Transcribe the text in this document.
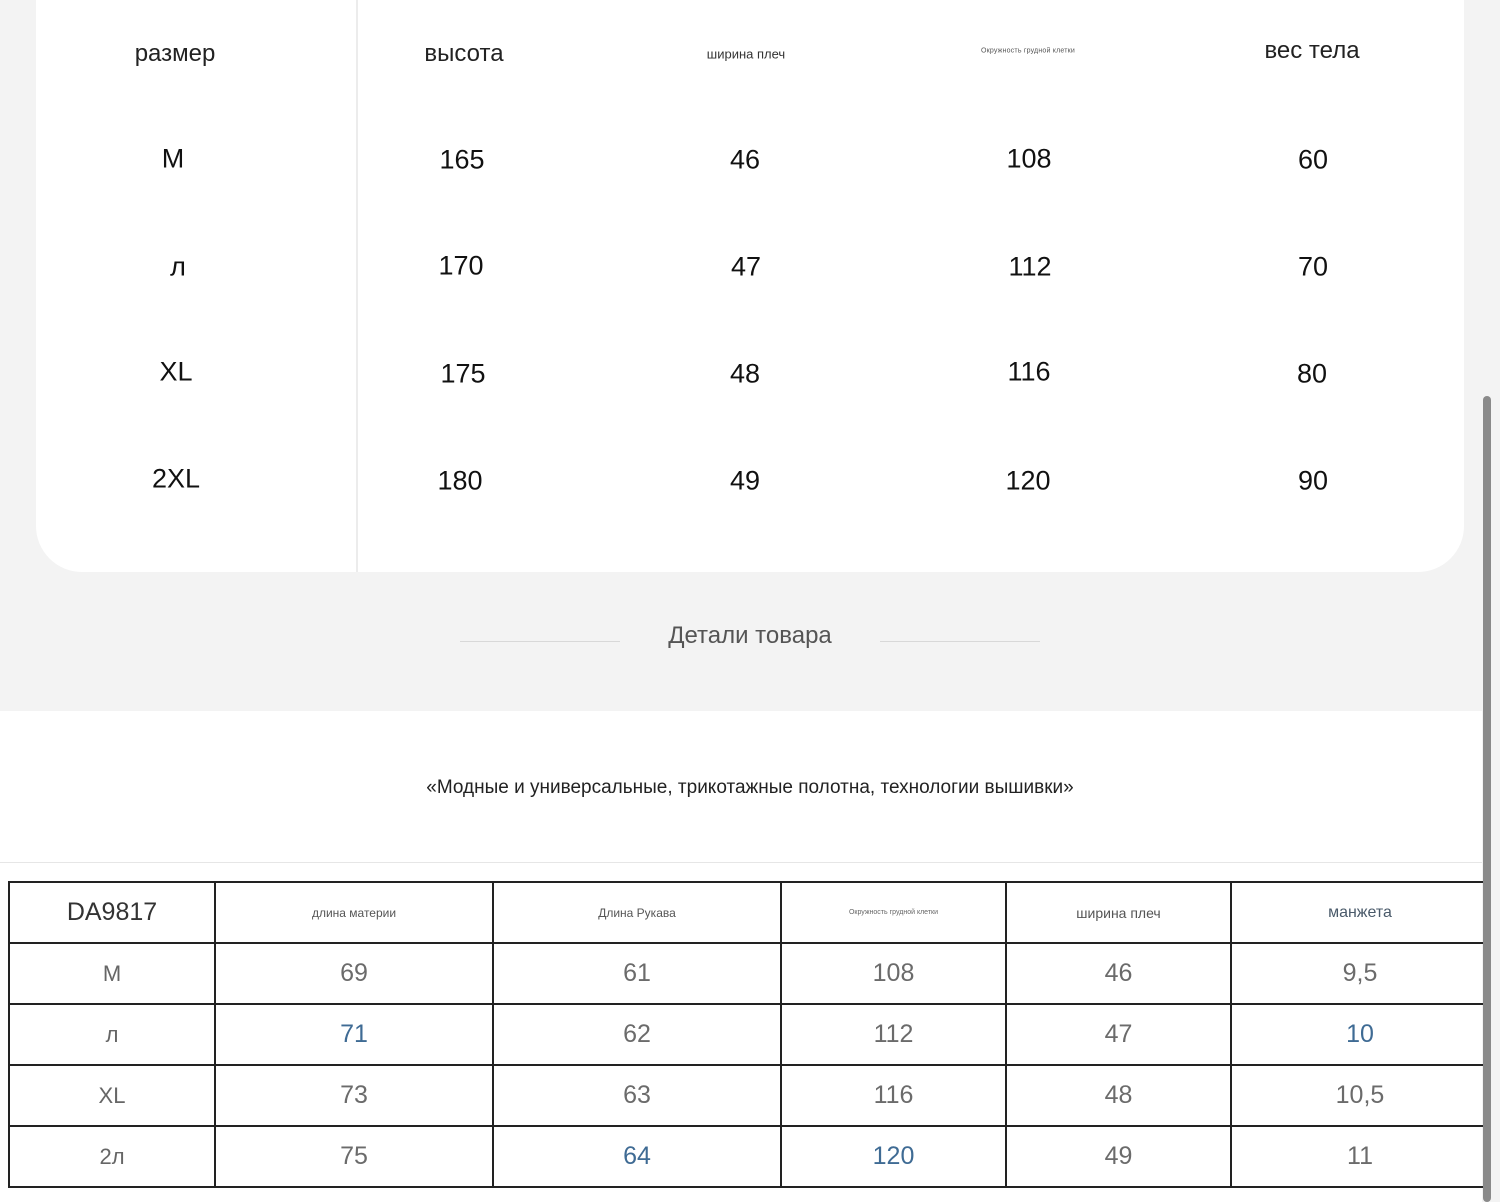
размер	высота	ширина плеч	Окружность грудной клетки	вес тела
M	165	46	108	60
л	170	47	112	70
XL	175	48	116	80
2XL	180	49	120	90
Детали товара
«Модные и универсальные, трикотажные полотна, технологии вышивки»
DA9817	длина материи	Длина Рукава	Окружность грудной клетки	ширина плеч	манжета
M	69	61	108	46	9,5
л	71	62	112	47	10
XL	73	63	116	48	10,5
2л	75	64	120	49	11
